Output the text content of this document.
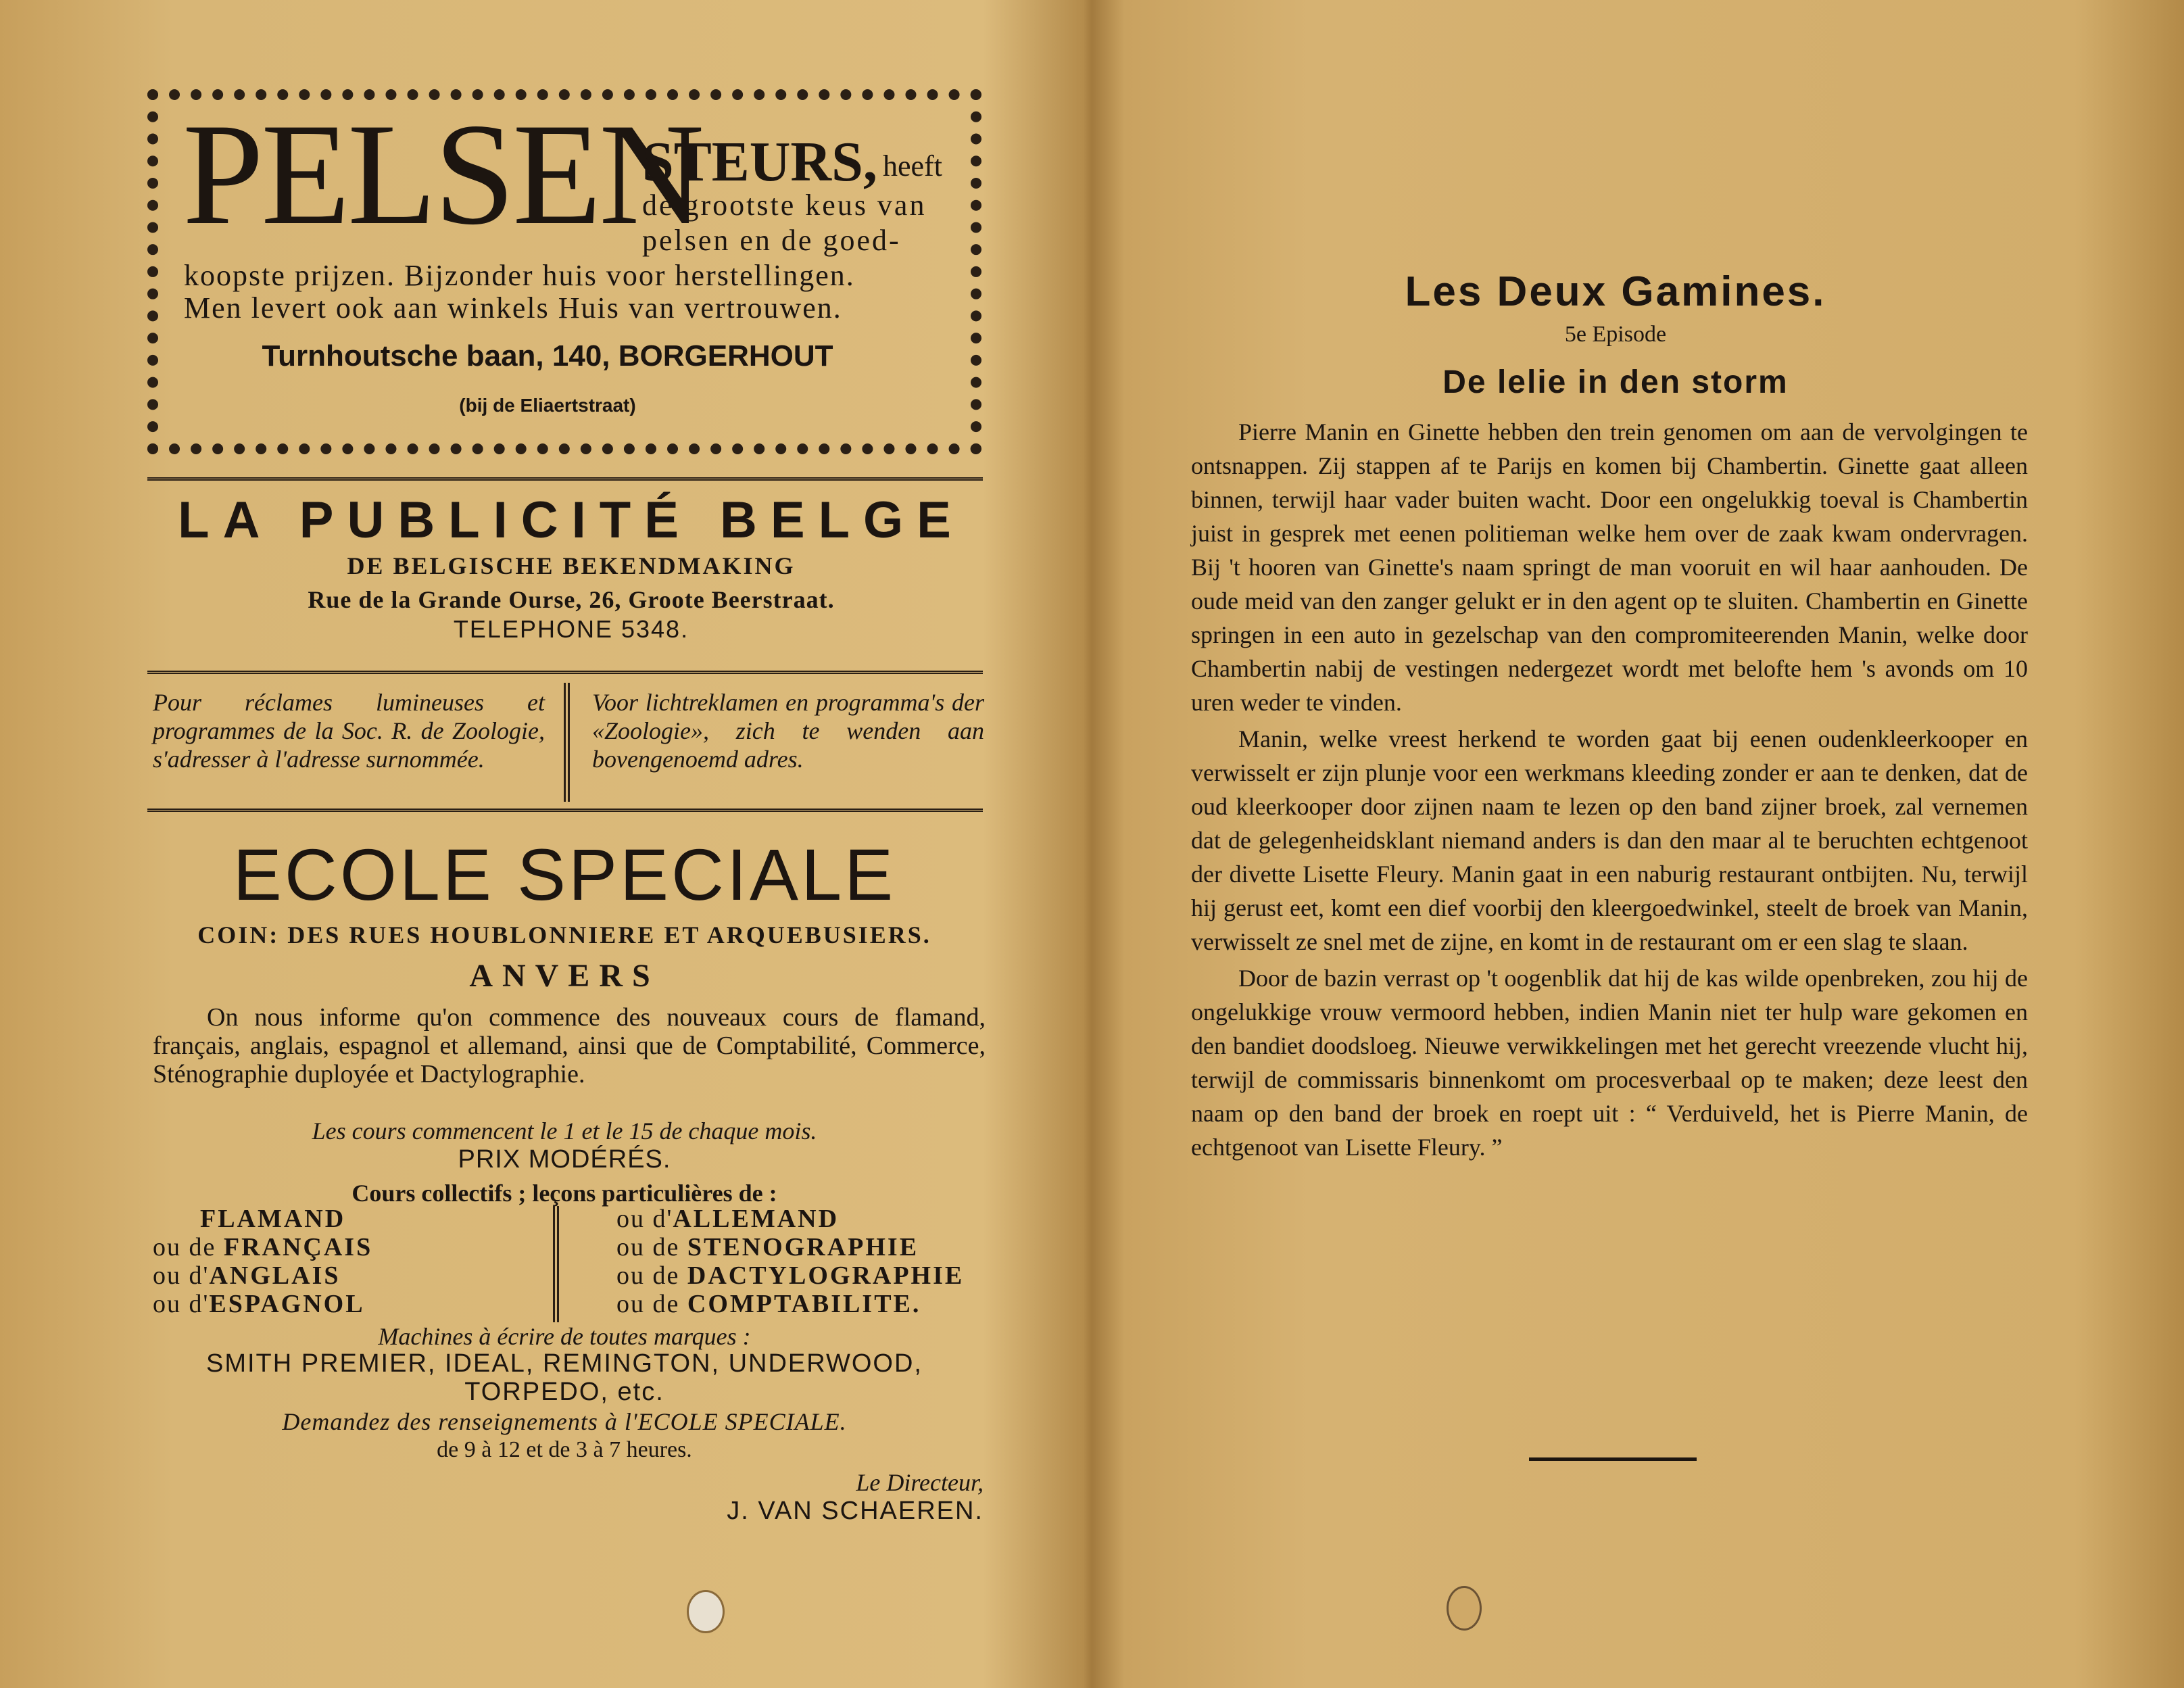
PELSEN
STEURS, heeft
de grootste keus van
pelsen en de goed-
koopste prijzen. Bijzonder huis voor herstellingen.
Men levert ook aan winkels Huis van vertrouwen.
Turnhoutsche baan, 140, BORGERHOUT
(bij de Eliaertstraat)
LA PUBLICITÉ BELGE
DE BELGISCHE BEKENDMAKING
Rue de la Grande Ourse, 26, Groote Beerstraat.
TELEPHONE 5348.
Pour réclames lumineuses et programmes de la Soc. R. de Zoologie, s'adresser à l'adresse surnommée.
Voor lichtreklamen en programma's der «Zoologie», zich te wenden aan bovengenoemd adres.
ECOLE SPECIALE
COIN: DES RUES HOUBLONNIERE ET ARQUEBUSIERS.
ANVERS
On nous informe qu'on commence des nouveaux cours de flamand, français, anglais, espagnol et allemand, ainsi que de Comptabilité, Commerce, Sténographie duployée et Dactylographie.
Les cours commencent le 1 et le 15 de chaque mois.
PRIX MODÉRÉS.
Cours collectifs ; leçons particulières de :
FLAMAND
ou de FRANÇAIS
ou d'ANGLAIS
ou d'ESPAGNOL
ou d'ALLEMAND
ou de STENOGRAPHIE
ou de DACTYLOGRAPHIE
ou de COMPTABILITE.
Machines à écrire de toutes marques :
SMITH PREMIER, IDEAL, REMINGTON, UNDERWOOD,
TORPEDO, etc.
Demandez des renseignements à l'ECOLE SPECIALE.
de 9 à 12 et de 3 à 7 heures.
Le Directeur,
J. VAN SCHAEREN.
Les Deux Gamines.
5e Episode
De lelie in den storm

Pierre Manin en Ginette hebben den trein genomen om aan de vervolgingen te ontsnappen. Zij stappen af te Parijs en komen bij Chambertin. Ginette gaat alleen binnen, terwijl haar vader buiten wacht. Door een ongelukkig toeval is Chambertin juist in gesprek met eenen politieman welke hem over de zaak kwam ondervragen. Bij 't hooren van Ginette's naam springt de man vooruit en wil haar aanhouden. De oude meid van den zanger gelukt er in den agent op te sluiten. Chambertin en Ginette springen in een auto in gezelschap van den compromiteerenden Manin, welke door Chambertin nabij de vestingen nedergezet wordt met belofte hem 's avonds om 10 uren weder te vinden.

Manin, welke vreest herkend te worden gaat bij eenen oudenkleerkooper en verwisselt er zijn plunje voor een werkmans kleeding zonder er aan te denken, dat de oud kleerkooper door zijnen naam te lezen op den band zijner broek, zal vernemen dat de gelegenheidsklant niemand anders is dan den maar al te beruchten echtgenoot der divette Lisette Fleury. Manin gaat in een naburig restaurant ontbijten. Nu, terwijl hij gerust eet, komt een dief voorbij den kleergoedwinkel, steelt de broek van Manin, verwisselt ze snel met de zijne, en komt in de restaurant om er een slag te slaan.

Door de bazin verrast op 't oogenblik dat hij de kas wilde openbreken, zou hij de ongelukkige vrouw vermoord hebben, indien Manin niet ter hulp ware gekomen en den bandiet doodsloeg. Nieuwe verwikkelingen met het gerecht vreezende vlucht hij, terwijl de commissaris binnenkomt om procesverbaal op te maken; deze leest den naam op den band der broek en roept uit : “ Verduiveld, het is Pierre Manin, de echtgenoot van Lisette Fleury. ”
